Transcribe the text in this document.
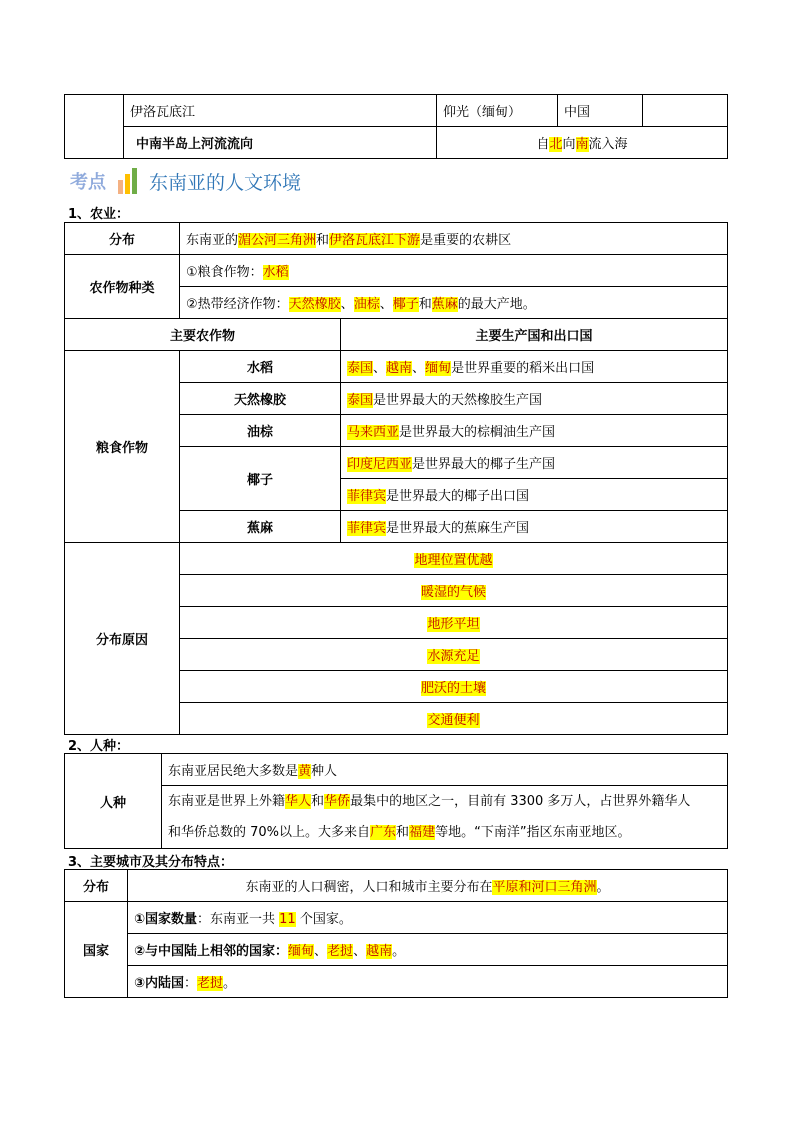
	伊洛瓦底江	仰光（缅甸）	中国	
	中南半岛上河流流向	自北向南流入海		
考点 东南亚的人文环境
1、农业：
分布	东南亚的湄公河三角洲和伊洛瓦底江下游是重要的农耕区	
农作物种类	①粮食作物：水稻	
	②热带经济作物：天然橡胶、油棕、椰子和蕉麻的最大产地。	
主要农作物		主要生产国和出口国
粮食作物	水稻	泰国、越南、缅甸是世界重要的稻米出口国
	天然橡胶	泰国是世界最大的天然橡胶生产国
	油棕	马来西亚是世界最大的棕榈油生产国
	椰子	印度尼西亚是世界最大的椰子生产国
		菲律宾是世界最大的椰子出口国
	蕉麻	菲律宾是世界最大的蕉麻生产国
分布原因	地理位置优越	
	暖湿的气候	
	地形平坦	
	水源充足	
	肥沃的土壤	
	交通便利	
2、人种：
人种	东南亚居民绝大多数是黄种人

东南亚是世界上外籍华人和华侨最集中的地区之一，目前有 3300 多万人，占世界外籍华人
和华侨总数的 70%以上。大多来自广东和福建等地。“下南洋”指区东南亚地区。
3、主要城市及其分布特点：
分布	东南亚的人口稠密，人口和城市主要分布在平原和河口三角洲。
国家	①国家数量：东南亚一共 11 个国家。
	②与中国陆上相邻的国家：缅甸、老挝、越南。
	③内陆国：老挝。
